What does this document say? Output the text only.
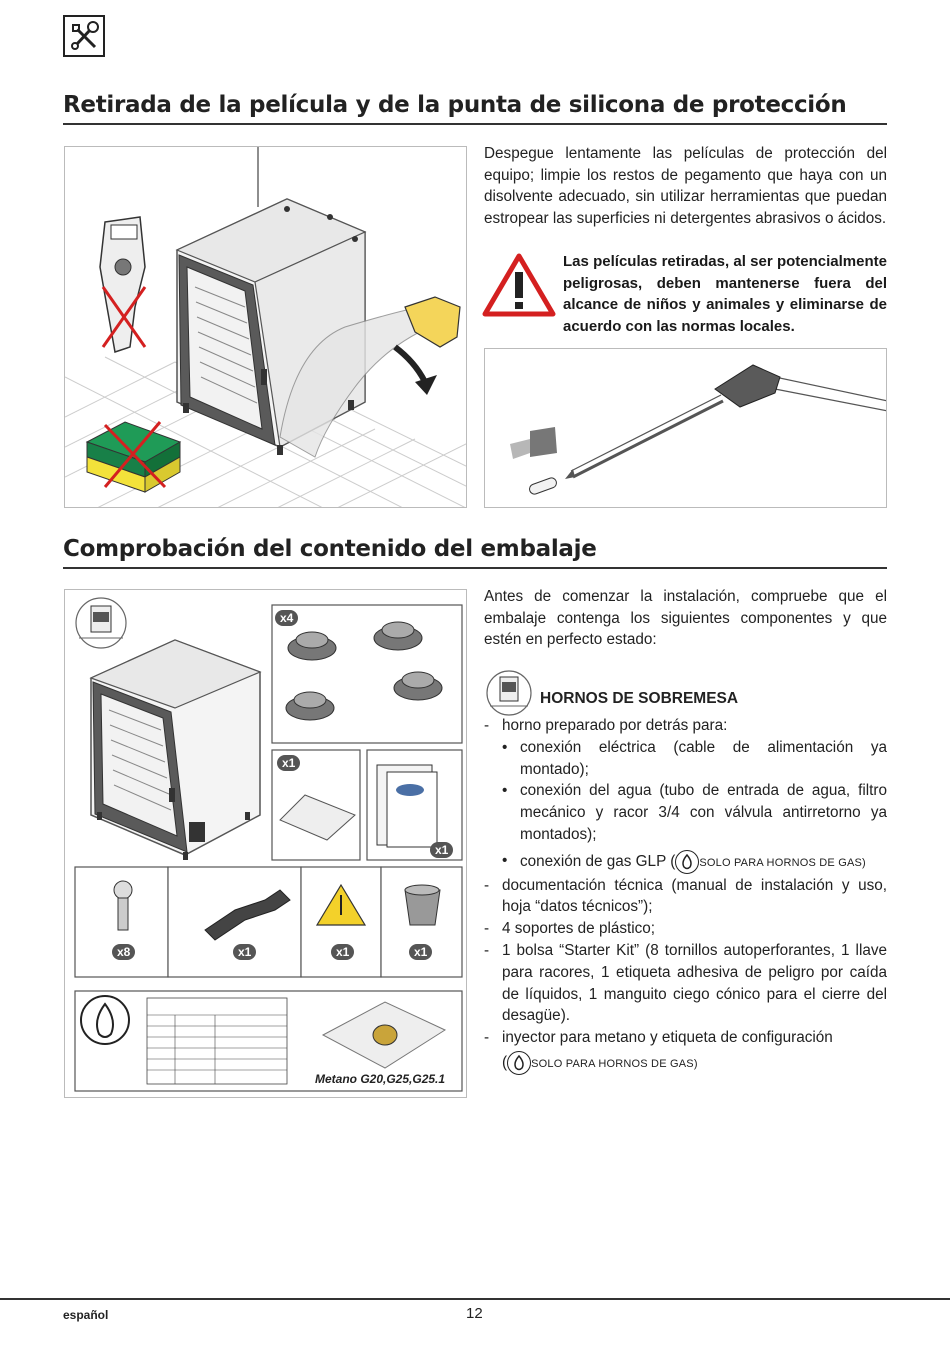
Retirada de la película y de la punta de silicona de protección
Despegue lentamente las películas de protección del equipo; limpie los restos de pegamento que haya con un disolvente adecuado, sin utilizar herramientas que puedan estropear las superficies ni detergentes abrasivos o ácidos.
Las películas retiradas, al ser potencialmente peligrosas, deben mantenerse fuera del alcance de niños y animales y eliminarse de acuerdo con las normas locales.
Comprobación del contenido del embalaje
x4
x1
x1
x8	x1	x1	x1
Metano G20,G25,G25.1
Antes de comenzar la instalación, compruebe que el embalaje contenga los siguientes componentes y que estén en perfecto estado:
HORNOS DE SOBREMESA
- horno preparado por detrás para:
• conexión eléctrica (cable de alimentación ya montado);
• conexión del agua (tubo de entrada de agua, filtro mecánico y racor 3/4 con válvula antirretorno ya montados);
• conexión de gas GLP ( SOLO PARA HORNOS DE GAS)
- documentación técnica (manual de instalación y uso, hoja “datos técnicos”);
- 4 soportes de plástico;
- 1 bolsa “Starter Kit” (8 tornillos autoperforantes, 1 llave para racores, 1 etiqueta adhesiva de peligro por caída de líquidos, 1 manguito ciego cónico para el cierre del desagüe).
- inyector para metano y etiqueta de configuración
( SOLO PARA HORNOS DE GAS)
español	12
